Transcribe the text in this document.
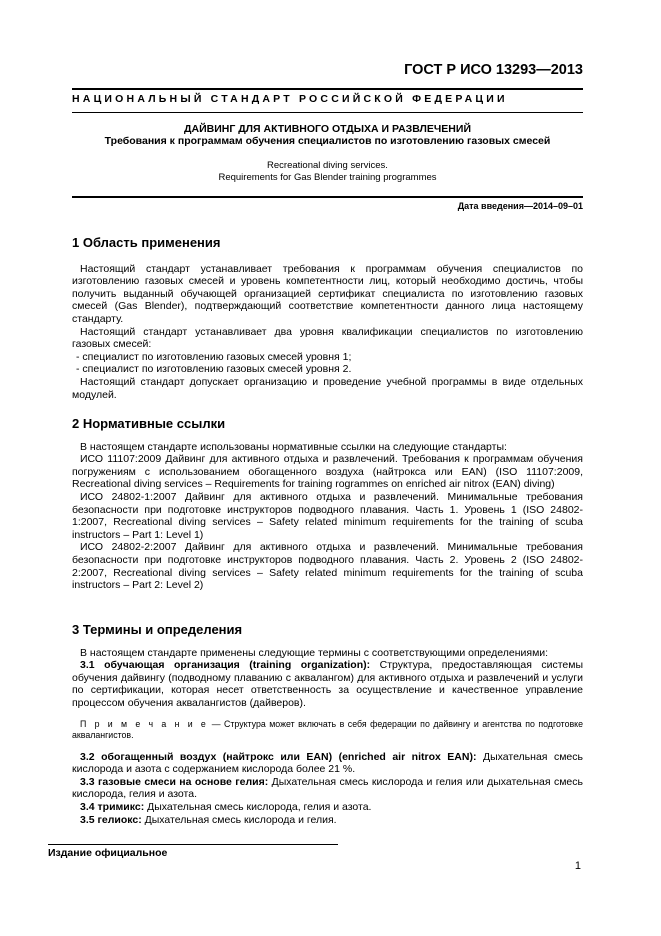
ГОСТ Р ИСО 13293—2013
НАЦИОНАЛЬНЫЙ СТАНДАРТ РОССИЙСКОЙ ФЕДЕРАЦИИ
ДАЙВИНГ ДЛЯ АКТИВНОГО ОТДЫХА И РАЗВЛЕЧЕНИЙ
Требования к программам обучения специалистов по изготовлению газовых смесей
Recreational diving services.
Requirements for Gas Blender training programmes
Дата введения—2014–09–01

1 Область применения

Настоящий стандарт устанавливает требования к программам обучения специалистов по изготовлению газовых смесей и уровень компетентности лиц, который необходимо достичь, чтобы получить выданный обучающей организацией сертификат специалиста по изготовлению газовых смесей (Gas Blender), подтверждающий соответствие компетентности данного лица настоящему стандарту.

Настоящий стандарт устанавливает два уровня квалификации специалистов по изготовлению газовых смесей:

- специалист по изготовлению газовых смесей уровня 1;

- специалист по изготовлению газовых смесей уровня 2.

Настоящий стандарт допускает организацию и проведение учебной программы в виде отдельных модулей.

2 Нормативные ссылки

В настоящем стандарте использованы нормативные ссылки на следующие стандарты:

ИСО 11107:2009 Дайвинг для активного отдыха и развлечений. Требования к программам обучения погружениям с использованием обогащенного воздуха (найтрокса или EAN) (ISO 11107:2009, Recreational diving services – Requirements for training rogrammes on enriched air nitrox (EAN) diving)

ИСО 24802-1:2007 Дайвинг для активного отдыха и развлечений. Минимальные требования безопасности при подготовке инструкторов подводного плавания. Часть 1. Уровень 1 (ISO 24802-1:2007, Recreational diving services – Safety related minimum requirements for the training of scuba instructors – Part 1: Level 1)

ИСО 24802-2:2007 Дайвинг для активного отдыха и развлечений. Минимальные требования безопасности при подготовке инструкторов подводного плавания. Часть 2. Уровень 2 (ISO 24802-2:2007, Recreational diving services – Safety related minimum requirements for the training of scuba instructors – Part 2: Level 2)

3 Термины и определения

В настоящем стандарте применены следующие термины с соответствующими определениями:

3.1 обучающая организация (training organization): Структура, предоставляющая системы обучения дайвингу (подводному плаванию с аквалангом) для активного отдыха и развлечений и услуги по сертификации, которая несет ответственность за осуществление и качественное управление процессом обучения аквалангистов (дайверов).

П р и м е ч а н и е — Структура может включать в себя федерации по дайвингу и агентства по подготовке аквалангистов.

3.2 обогащенный воздух (найтрокс или EAN) (enriched air nitrox EAN): Дыхательная смесь кислорода и азота с содержанием кислорода более 21 %.

3.3 газовые смеси на основе гелия: Дыхательная смесь кислорода и гелия или дыхательная смесь кислорода, гелия и азота.

3.4 тримикс: Дыхательная смесь кислорода, гелия и азота.

3.5 гелиокс: Дыхательная смесь кислорода и гелия.

Издание официальное
1
